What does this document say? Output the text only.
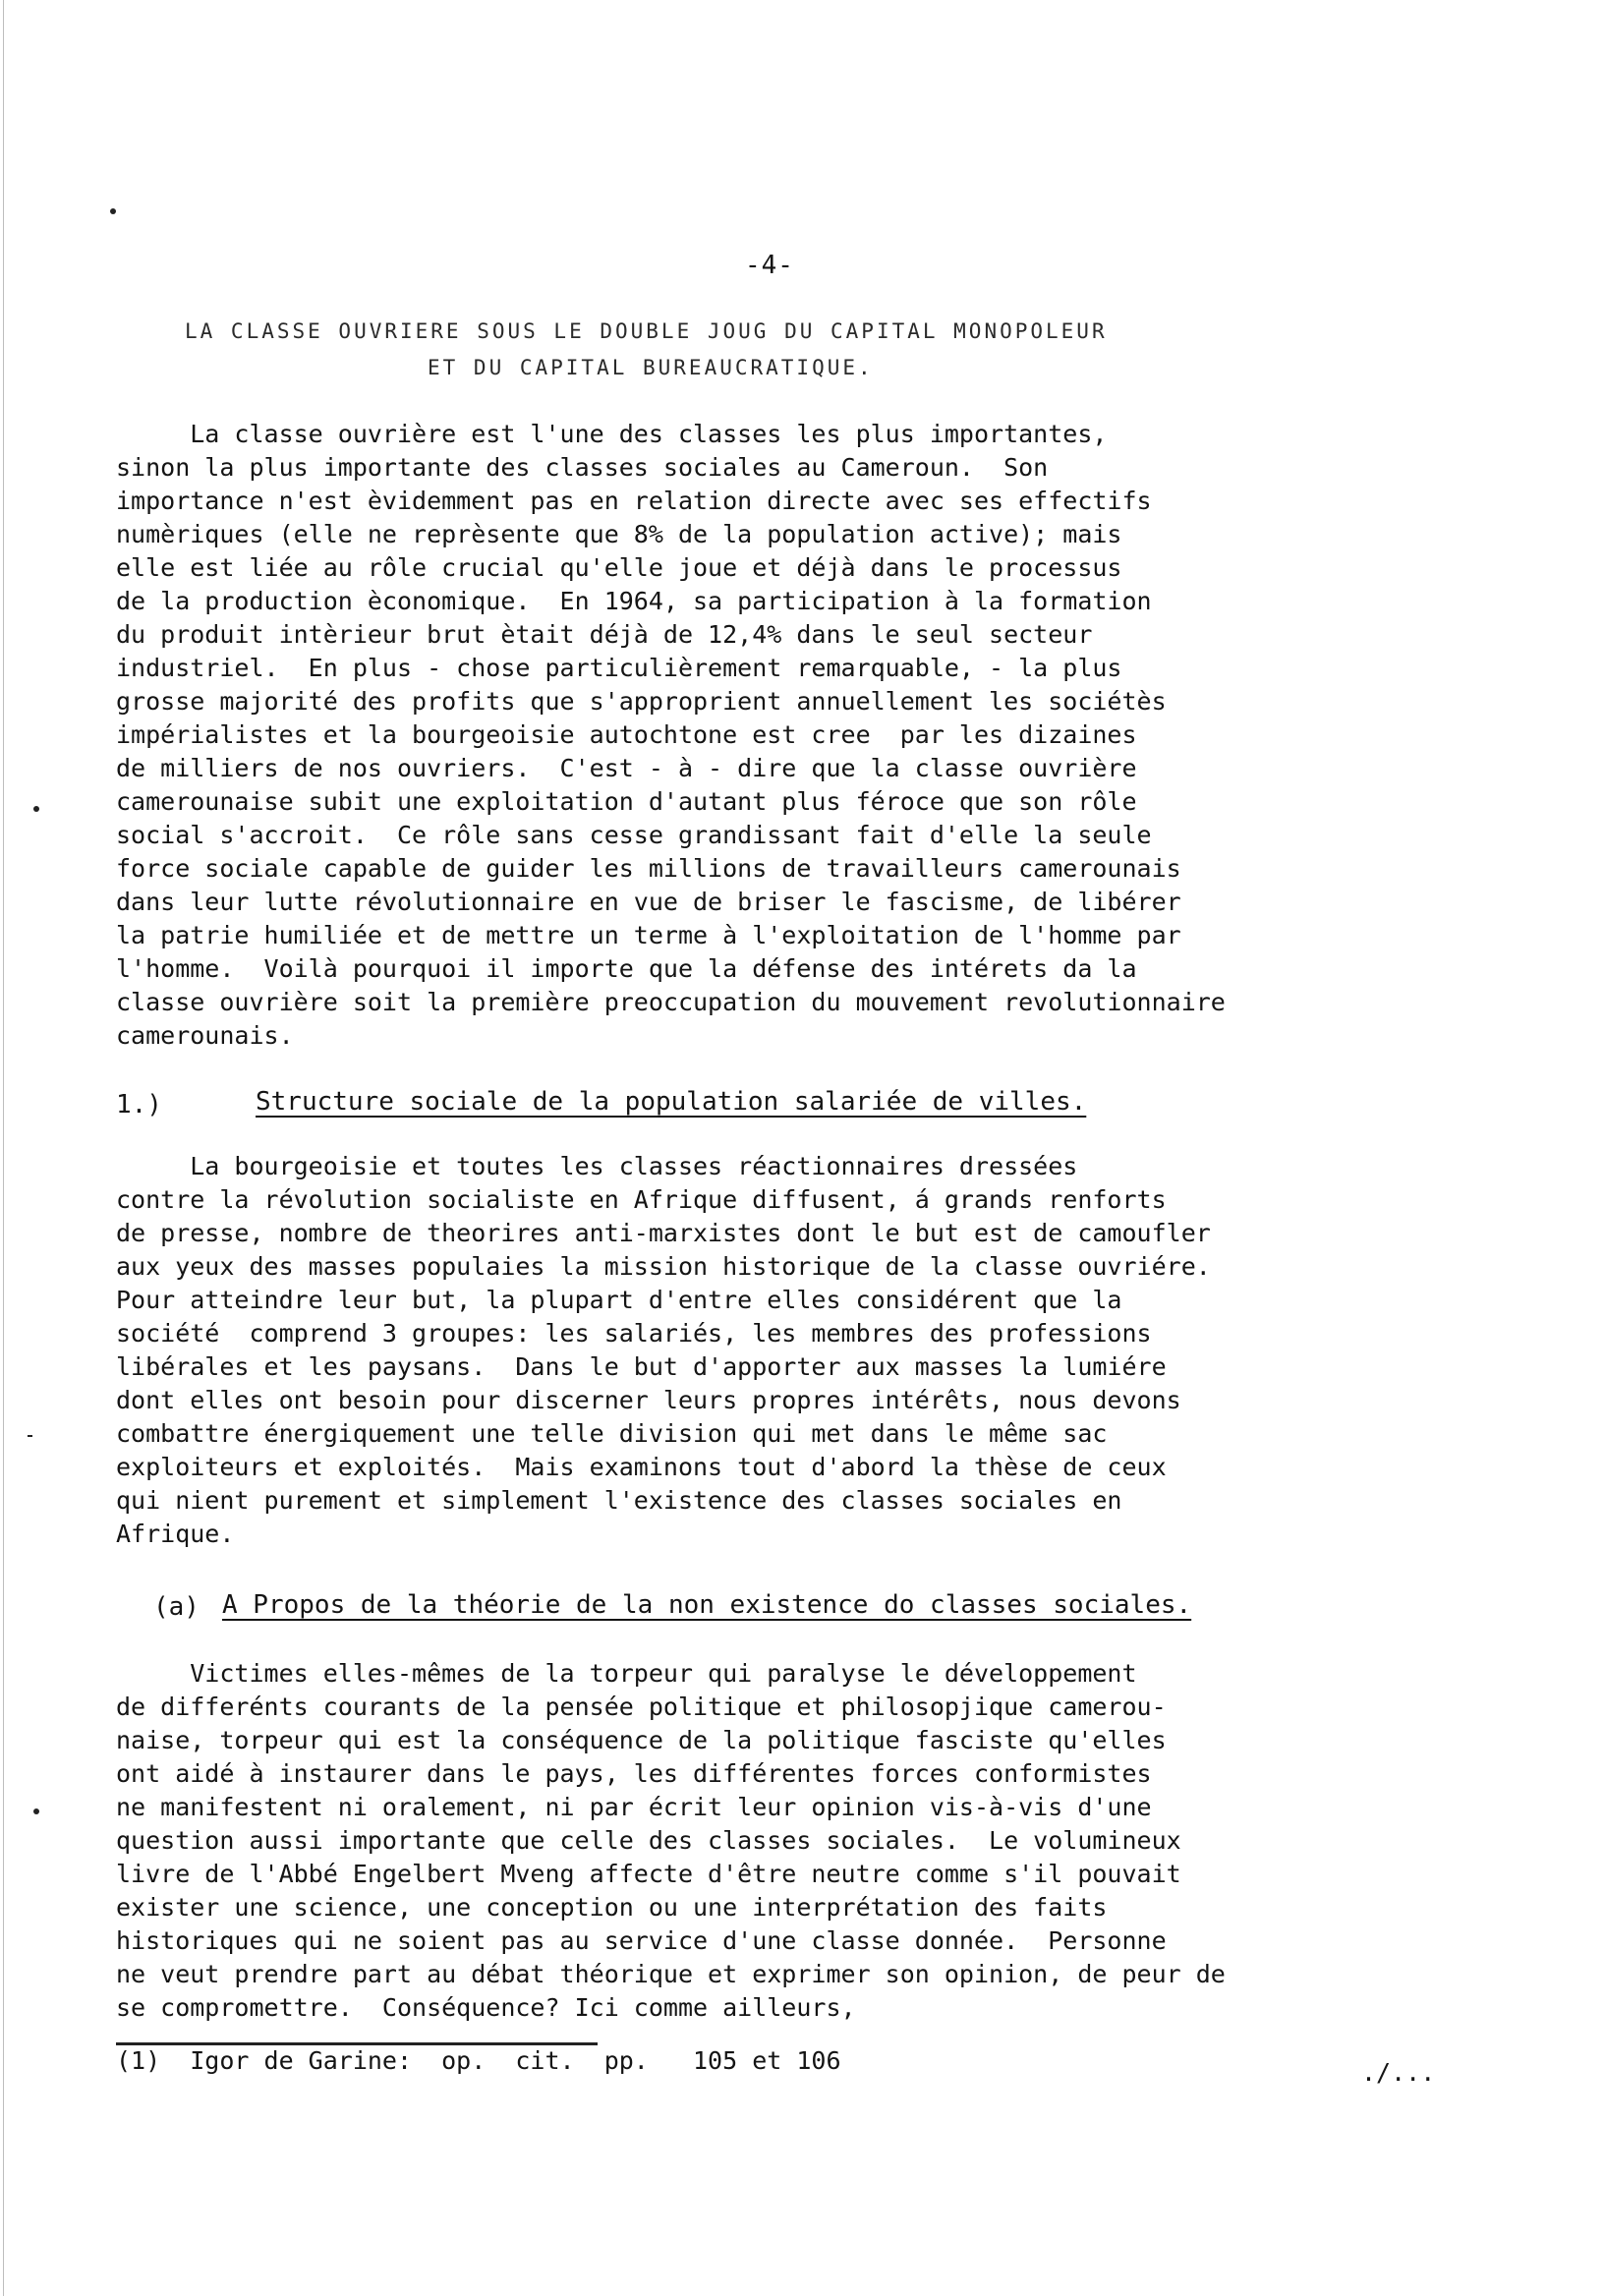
-4-
LA CLASSE OUVRIERE SOUS LE DOUBLE JOUG DU CAPITAL MONOPOLEUR
ET DU CAPITAL BUREAUCRATIQUE.
La classe ouvrière est l'une des classes les plus importantes,
sinon la plus importante des classes sociales au Cameroun.  Son
importance n'est èvidemment pas en relation directe avec ses effectifs
numèriques (elle ne reprèsente que 8% de la population active); mais
elle est liée au rôle crucial qu'elle joue et déjà dans le processus
de la production èconomique.  En 1964, sa participation à la formation
du produit intèrieur brut ètait déjà de 12,4% dans le seul secteur
industriel.  En plus - chose particulièrement remarquable, - la plus
grosse majorité des profits que s'approprient annuellement les sociétès
impérialistes et la bourgeoisie autochtone est cree  par les dizaines
de milliers de nos ouvriers.  C'est - à - dire que la classe ouvrière
camerounaise subit une exploitation d'autant plus féroce que son rôle
social s'accroit.  Ce rôle sans cesse grandissant fait d'elle la seule
force sociale capable de guider les millions de travailleurs camerounais
dans leur lutte révolutionnaire en vue de briser le fascisme, de libérer
la patrie humiliée et de mettre un terme à l'exploitation de l'homme par
l'homme.  Voilà pourquoi il importe que la défense des intérets da la
classe ouvrière soit la première preoccupation du mouvement revolutionnaire
camerounais.
1.)	Structure sociale de la population salariée de villes.
La bourgeoisie et toutes les classes réactionnaires dressées
contre la révolution socialiste en Afrique diffusent, á grands renforts
de presse, nombre de theorires anti-marxistes dont le but est de camoufler
aux yeux des masses populaies la mission historique de la classe ouvriére.
Pour atteindre leur but, la plupart d'entre elles considérent que la
société  comprend 3 groupes: les salariés, les membres des professions
libérales et les paysans.  Dans le but d'apporter aux masses la lumiére
dont elles ont besoin pour discerner leurs propres intérêts, nous devons
combattre énergiquement une telle division qui met dans le même sac
exploiteurs et exploités.  Mais examinons tout d'abord la thèse de ceux
qui nient purement et simplement l'existence des classes sociales en
Afrique.
(a) A Propos de la théorie de la non existence do classes sociales.
Victimes elles-mêmes de la torpeur qui paralyse le développement
de differénts courants de la pensée politique et philosopjique camerou-
naise, torpeur qui est la conséquence de la politique fasciste qu'elles
ont aidé à instaurer dans le pays, les différentes forces conformistes
ne manifestent ni oralement, ni par écrit leur opinion vis-à-vis d'une
question aussi importante que celle des classes sociales.  Le volumineux
livre de l'Abbé Engelbert Mveng affecte d'être neutre comme s'il pouvait
exister une science, une conception ou une interprétation des faits
historiques qui ne soient pas au service d'une classe donnée.  Personne
ne veut prendre part au débat théorique et exprimer son opinion, de peur de
se compromettre.  Conséquence? Ici comme ailleurs,
(1)  Igor de Garine:  op.  cit.  pp.   105 et 106	./...
